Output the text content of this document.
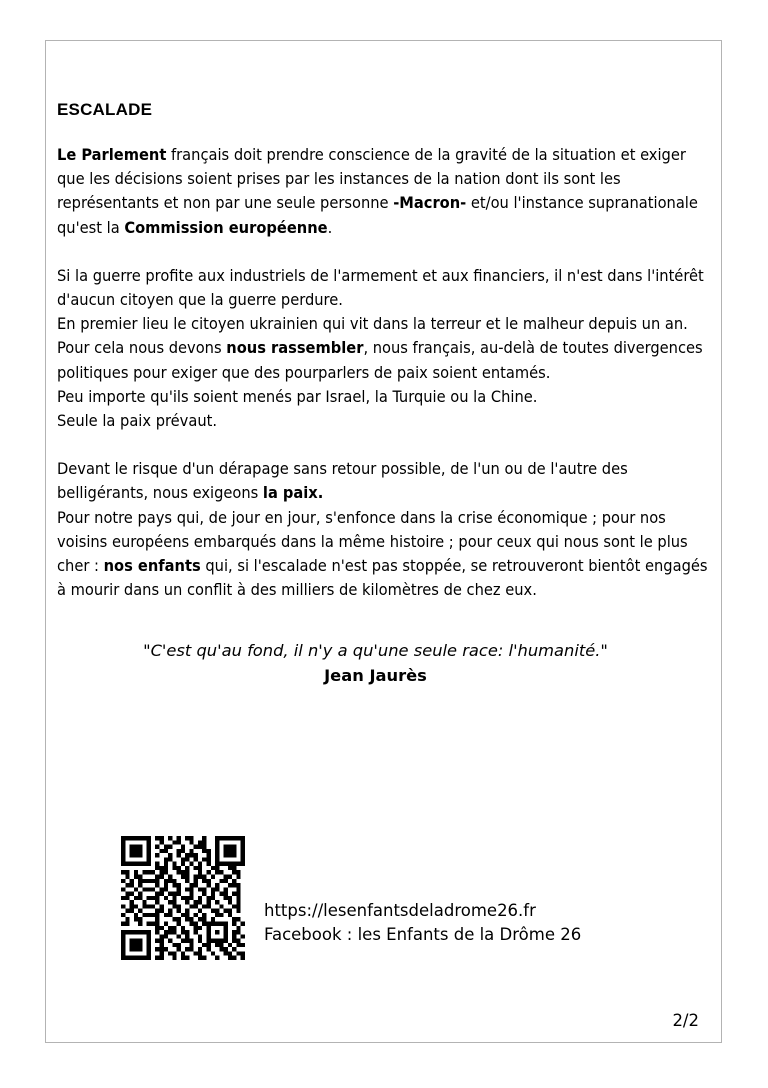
ESCALADE

Le Parlement français doit prendre conscience de la gravité de la situation et exiger que les décisions soient prises par les instances de la nation dont ils sont les représentants et non par une seule personne -Macron- et/ou l'instance supranationale qu'est la Commission européenne.

Si la guerre profite aux industriels de l'armement et aux financiers, il n'est dans l'intérêt d'aucun citoyen que la guerre perdure.

En premier lieu le citoyen ukrainien qui vit dans la terreur et le malheur depuis un an.

Pour cela nous devons nous rassembler, nous français, au-delà de toutes divergences politiques pour exiger que des pourparlers de paix soient entamés.

Peu importe qu'ils soient menés par Israel, la Turquie ou la Chine.

Seule la paix prévaut.

Devant le risque d'un dérapage sans retour possible, de l'un ou de l'autre des belligérants, nous exigeons la paix.

Pour notre pays qui, de jour en jour, s'enfonce dans la crise économique ; pour nos voisins européens embarqués dans la même histoire ; pour ceux qui nous sont le plus cher : nos enfants qui, si l'escalade n'est pas stoppée, se retrouveront bientôt engagés à mourir dans un conflit à des milliers de kilomètres de chez eux.

"C'est qu'au fond, il n'y a qu'une seule race: l'humanité."
Jean Jaurès
https://lesenfantsdeladrome26.fr
Facebook : les Enfants de la Drôme 26
2/2
